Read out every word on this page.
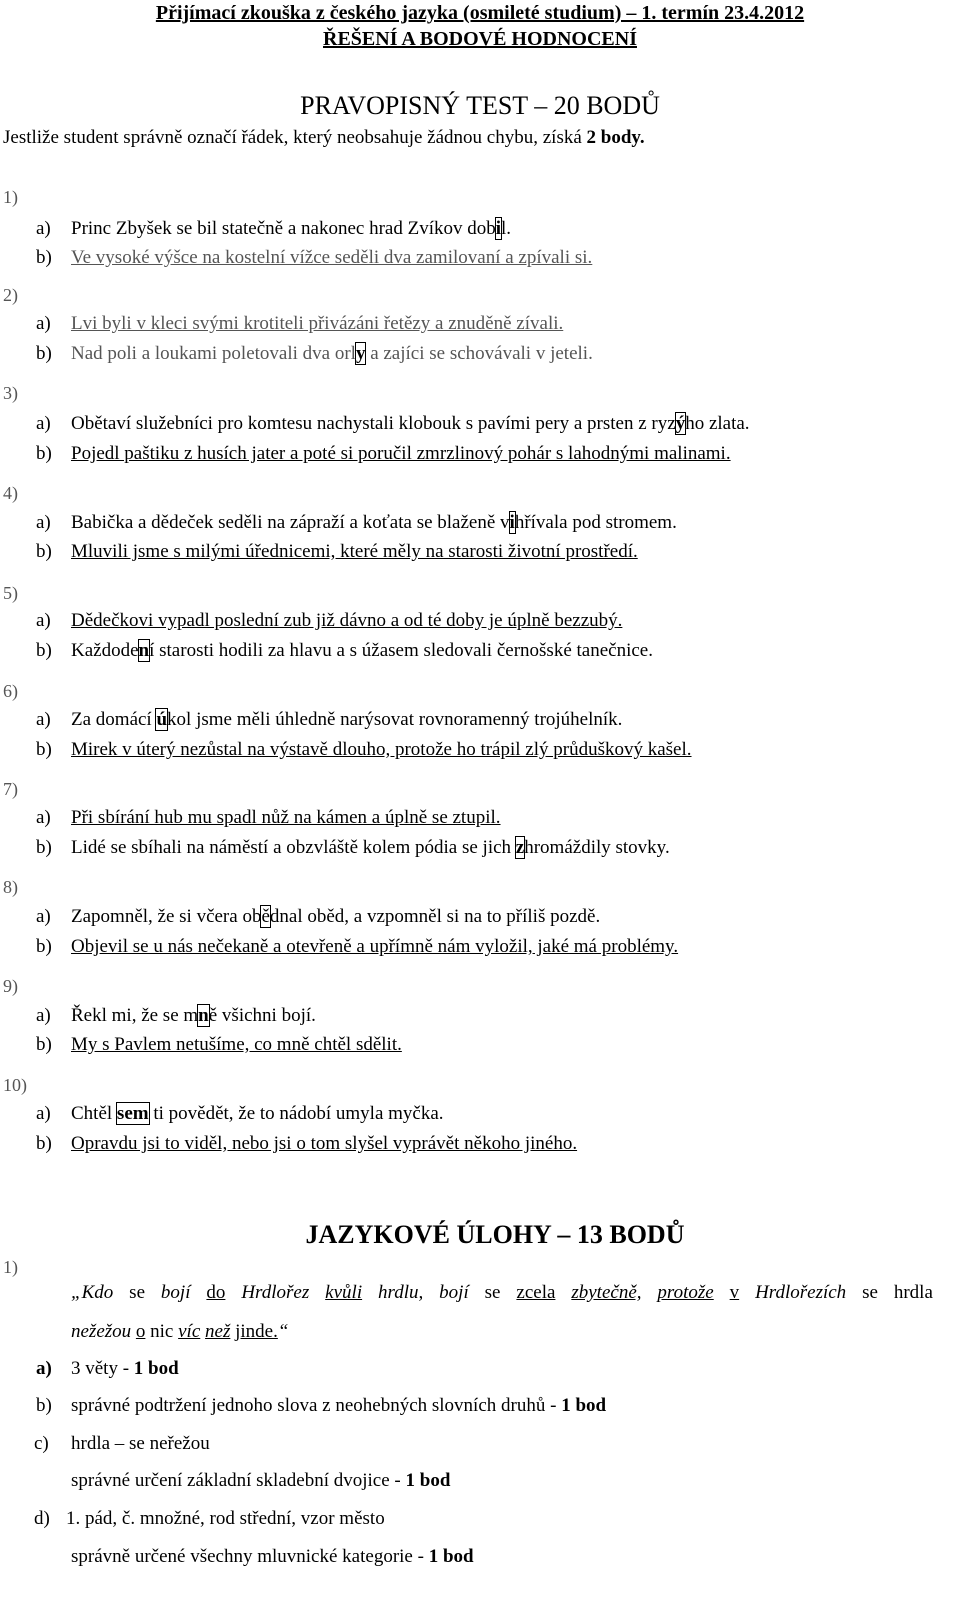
Přijímací zkouška z českého jazyka (osmileté studium) – 1. termín 23.4.2012
ŘEŠENÍ A BODOVÉ HODNOCENÍ
PRAVOPISNÝ TEST – 20 BODŮ
Jestliže student správně označí řádek, který neobsahuje žádnou chybu, získá 2 body.
1)
a) Princ Zbyšek se bil statečně a nakonec hrad Zvíkov dobil.
b) Ve vysoké výšce na kostelní vížce seděli dva zamilovaní a zpívali si.
2)
a) Lvi byli v kleci svými krotiteli přivázáni řetězy a znuděně zívali.
b) Nad poli a loukami poletovali dva orly a zajíci se schovávali v jeteli.
3)
a) Obětaví služebníci pro komtesu nachystali klobouk s pavími pery a prsten z ryzýho zlata.
b) Pojedl paštiku z husích jater a poté si poručil zmrzlinový pohár s lahodnými malinami.
4)
a) Babička a dědeček seděli na zápraží a koťata se blaženě vihřívala pod stromem.
b) Mluvili jsme s milými úřednicemi, které měly na starosti životní prostředí.
5)
a) Dědečkovi vypadl poslední zub již dávno a od té doby je úplně bezzubý.
b) Každodení starosti hodili za hlavu a s úžasem sledovali černošské tanečnice.
6)
a) Za domácí úkol jsme měli úhledně narýsovat rovnoramenný trojúhelník.
b) Mirek v úterý nezůstal na výstavě dlouho, protože ho trápil zlý průduškový kašel.
7)
a) Při sbírání hub mu spadl nůž na kámen a úplně se ztupil.
b) Lidé se sbíhali na náměstí a obzvláště kolem pódia se jich zhromáždily stovky.
8)
a) Zapomněl, že si včera obědnal oběd, a vzpomněl si na to příliš pozdě.
b) Objevil se u nás nečekaně a otevřeně a upřímně nám vyložil, jaké má problémy.
9)
a) Řekl mi, že se mně všichni bojí.
b) My s Pavlem netušíme, co mně chtěl sdělit.
10)
a) Chtěl sem ti povědět, že to nádobí umyla myčka.
b) Opravdu jsi to viděl, nebo jsi o tom slyšel vyprávět někoho jiného.
JAZYKOVÉ ÚLOHY – 13 BODŮ
1)
„Kdo se bojí do Hrdlořez kvůli hrdlu, bojí se zcela zbytečně, protože v Hrdlořezích se hrdla
nežežou o nic víc než jinde.“
a) 3 věty - 1 bod
b) správné podtržení jednoho slova z neohebných slovních druhů - 1 bod
c) hrdla – se neřežou
správné určení základní skladební dvojice - 1 bod
d) 1. pád, č. množné, rod střední, vzor město
správně určené všechny mluvnické kategorie - 1 bod
